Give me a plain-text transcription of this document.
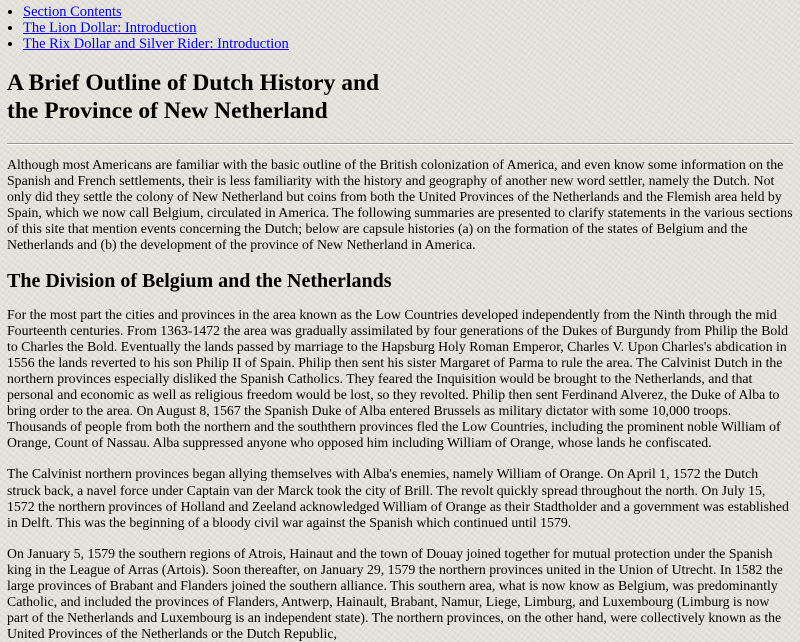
• Section Contents
• The Lion Dollar: Introduction
• The Rix Dollar and Silver Rider: Introduction
A Brief Outline of Dutch History and
the Province of New Netherland

Although most Americans are familiar with the basic outline of the British colonization of America, and even know some information on the Spanish and French settlements, their is less familiarity with the history and geography of another new word settler, namely the Dutch. Not only did they settle the colony of New Netherland but coins from both the United Provinces of the Netherlands and the Flemish area held by Spain, which we now call Belgium, circulated in America. The following summaries are presented to clarify statements in the various sections of this site that mention events concerning the Dutch; below are capsule histories (a) on the formation of the states of Belgium and the Netherlands and (b) the development of the province of New Netherland in America.

The Division of Belgium and the Netherlands

For the most part the cities and provinces in the area known as the Low Countries developed independently from the Ninth through the mid Fourteenth centuries. From 1363-1472 the area was gradually assimilated by four generations of the Dukes of Burgundy from Philip the Bold to Charles the Bold. Eventually the lands passed by marriage to the Hapsburg Holy Roman Emperor, Charles V. Upon Charles's abdication in 1556 the lands reverted to his son Philip II of Spain. Philip then sent his sister Margaret of Parma to rule the area. The Calvinist Dutch in the northern provinces especially disliked the Spanish Catholics. They feared the Inquisition would be brought to the Netherlands, and that personal and economic as well as religious freedom would be lost, so they revolted. Philip then sent Ferdinand Alverez, the Duke of Alba to bring order to the area. On August 8, 1567 the Spanish Duke of Alba entered Brussels as military dictator with some 10,000 troops. Thousands of people from both the northern and the souththern provinces fled the Low Countries, including the prominent noble William of Orange, Count of Nassau. Alba suppressed anyone who opposed him including William of Orange, whose lands he confiscated.

The Calvinist northern provinces began allying themselves with Alba's enemies, namely William of Orange. On April 1, 1572 the Dutch struck back, a navel force under Captain van der Marck took the city of Brill. The revolt quickly spread throughout the north. On July 15, 1572 the northern provinces of Holland and Zeeland acknowledged William of Orange as their Stadtholder and a government was established in Delft. This was the beginning of a bloody civil war against the Spanish which continued until 1579.

On January 5, 1579 the southern regions of Atrois, Hainaut and the town of Douay joined together for mutual protection under the Spanish king in the League of Arras (Artois). Soon thereafter, on January 29, 1579 the northern provinces united in the Union of Utrecht. In 1582 the large provinces of Brabant and Flanders joined the southern alliance. This southern area, what is now know as Belgium, was predominantly Catholic, and included the provinces of Flanders, Antwerp, Hainault, Brabant, Namur, Liege, Limburg, and Luxembourg (Limburg is now part of the Netherlands and Luxembourg is an independent state). The northern provinces, on the other hand, were collectively known as the United Provinces of the Netherlands or the Dutch Republic,
